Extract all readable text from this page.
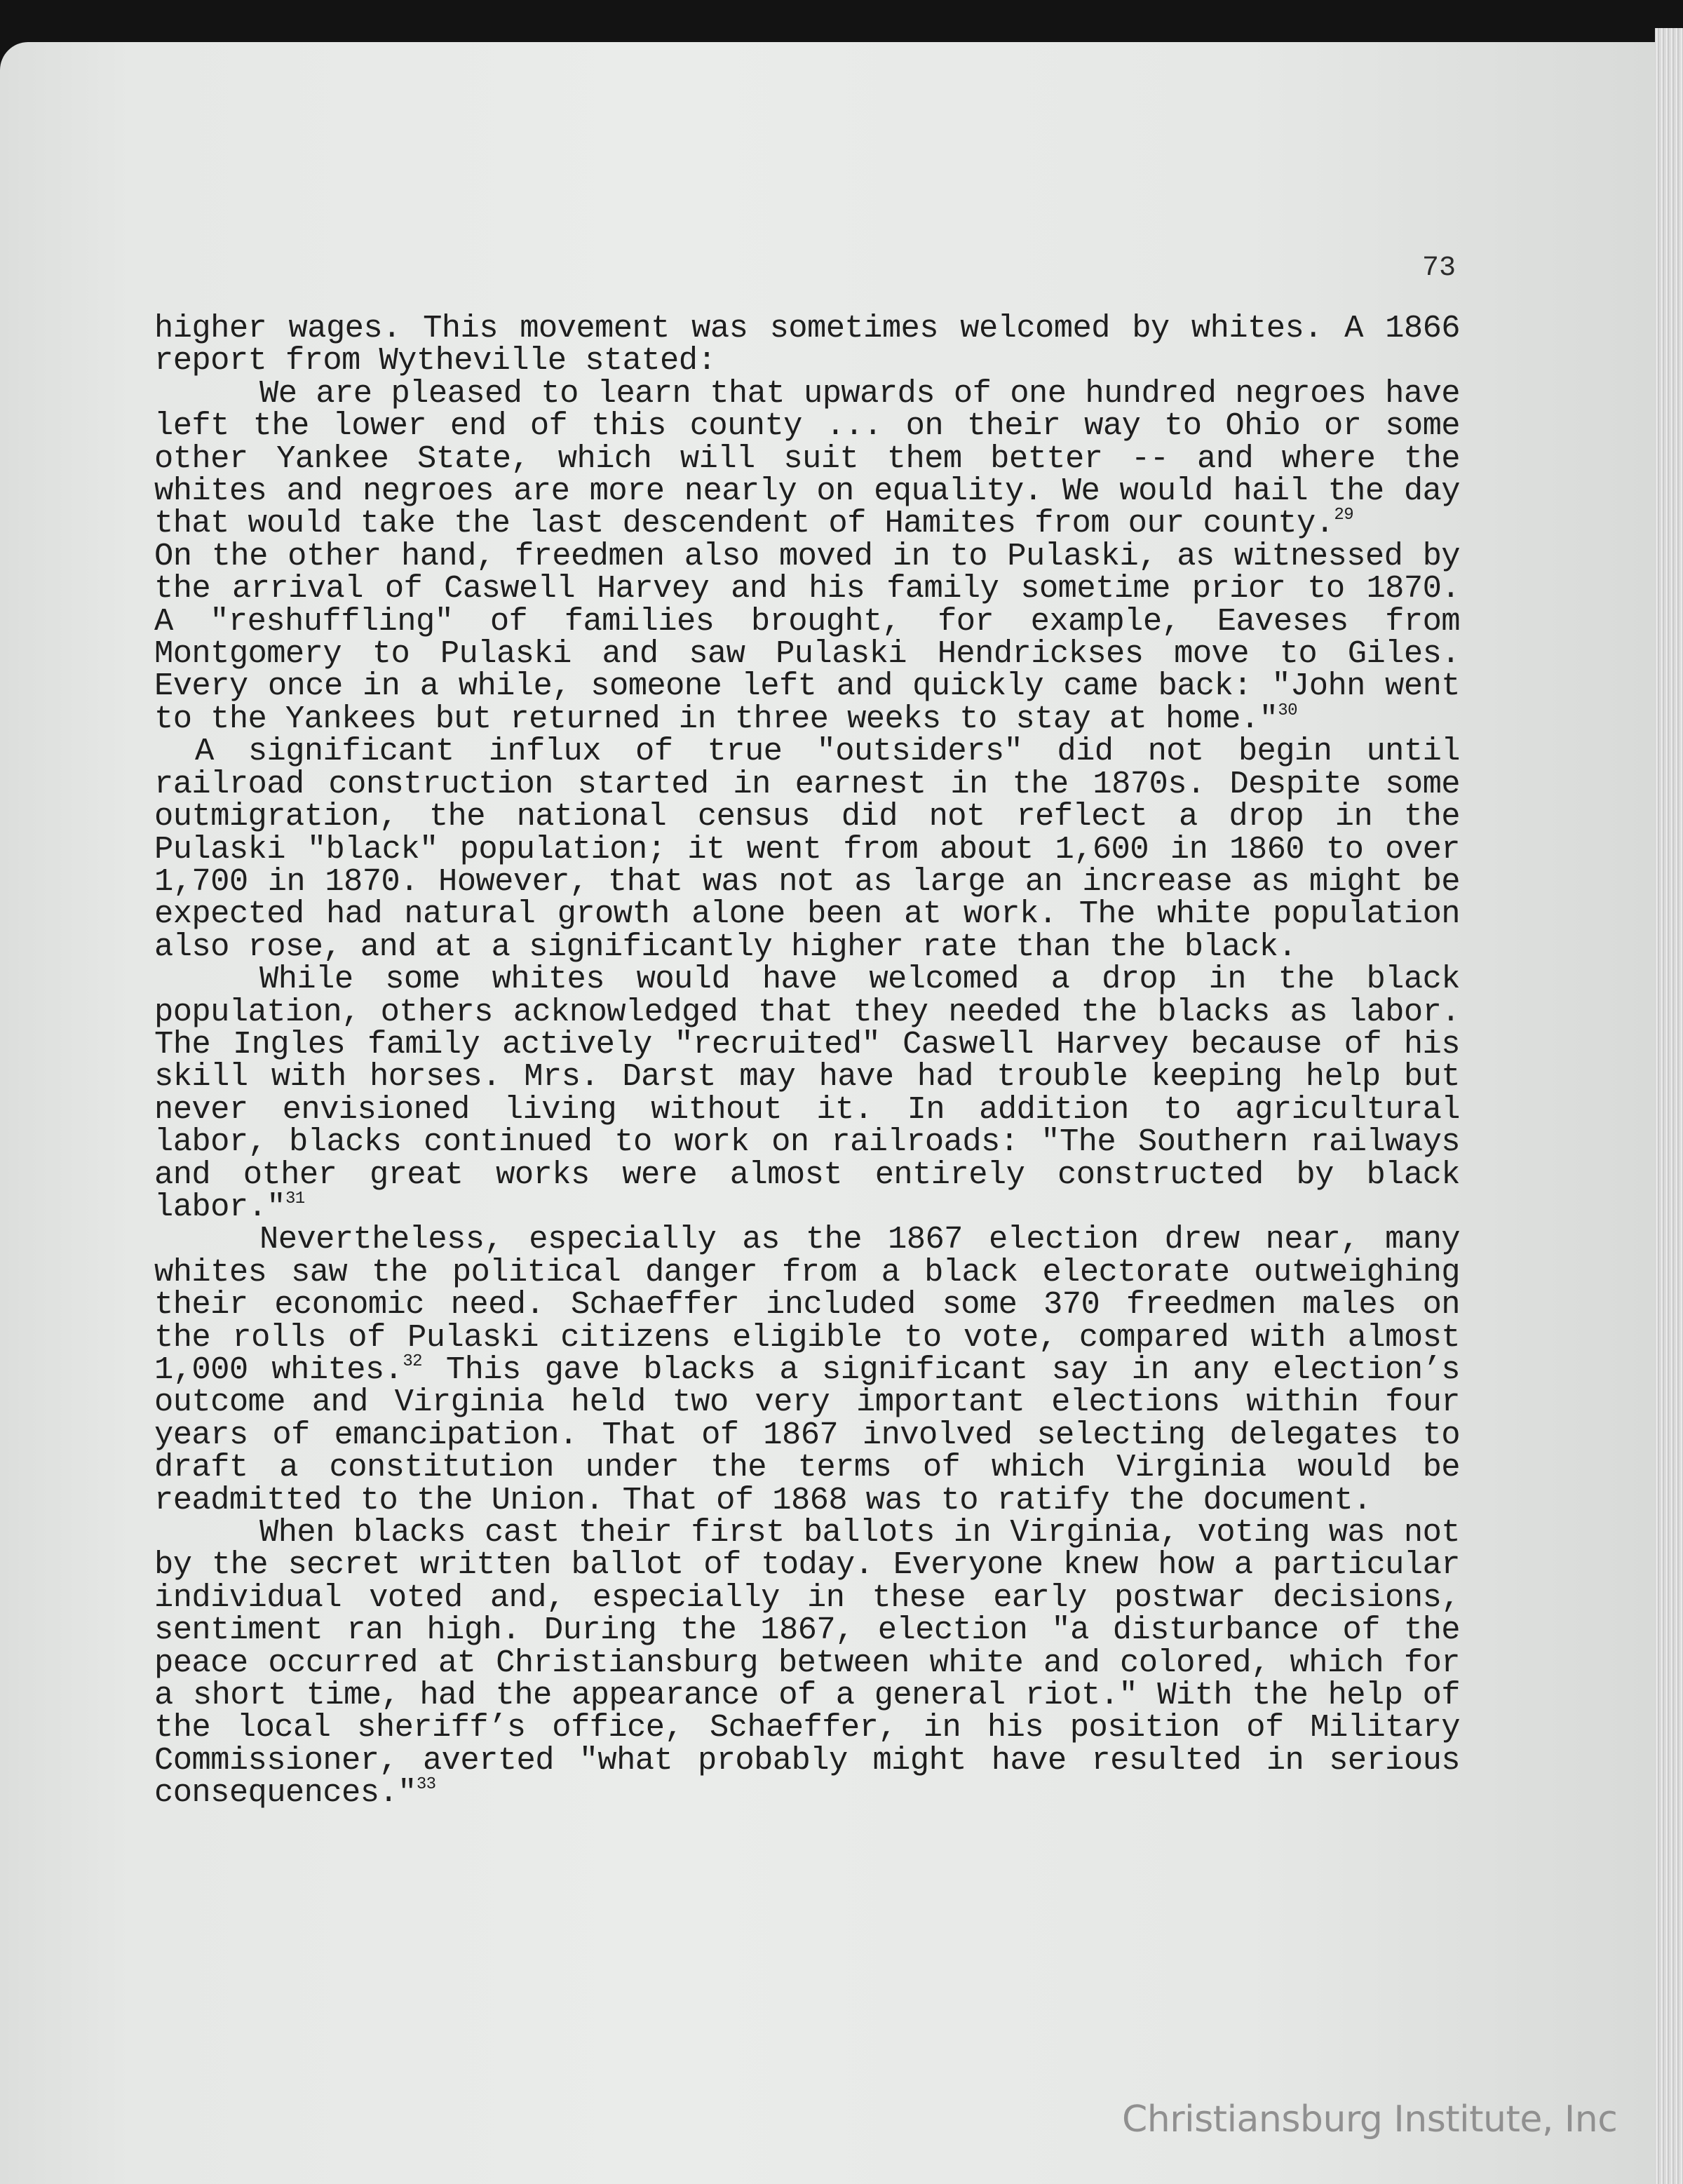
73

higher wages. This movement was sometimes welcomed by whites. A 1866 report from Wytheville stated:

We are pleased to learn that upwards of one hundred negroes have left the lower end of this county ... on their way to Ohio or some other Yankee State, which will suit them better -- and where the whites and negroes are more nearly on equality. We would hail the day that would take the last descendent of Hamites from our county.$^{29}$

On the other hand, freedmen also moved in to Pulaski, as witnessed by the arrival of Caswell Harvey and his family sometime prior to 1870. A "reshuffling" of families brought, for example, Eaveses from Montgomery to Pulaski and saw Pulaski Hendrickses move to Giles. Every once in a while, someone left and quickly came back: "John went to the Yankees but returned in three weeks to stay at home."$^{30}$

A significant influx of true "outsiders" did not begin until railroad construction started in earnest in the 1870s. Despite some outmigration, the national census did not reflect a drop in the Pulaski "black" population; it went from about 1,600 in 1860 to over 1,700 in 1870. However, that was not as large an increase as might be expected had natural growth alone been at work. The white population also rose, and at a significantly higher rate than the black.

While some whites would have welcomed a drop in the black population, others acknowledged that they needed the blacks as labor. The Ingles family actively "recruited" Caswell Harvey because of his skill with horses. Mrs. Darst may have had trouble keeping help but never envisioned living without it. In addition to agricultural labor, blacks continued to work on railroads: "The Southern railways and other great works were almost entirely constructed by black labor."$^{31}$

Nevertheless, especially as the 1867 election drew near, many whites saw the political danger from a black electorate outweighing their economic need. Schaeffer included some 370 freedmen males on the rolls of Pulaski citizens eligible to vote, compared with almost 1,000 whites.$^{32}$ This gave blacks a significant say in any election’s outcome and Virginia held two very important elections within four years of emancipation. That of 1867 involved selecting delegates to draft a constitution under the terms of which Virginia would be readmitted to the Union. That of 1868 was to ratify the document.

When blacks cast their first ballots in Virginia, voting was not by the secret written ballot of today. Everyone knew how a particular individual voted and, especially in these early postwar decisions, sentiment ran high. During the 1867, election "a disturbance of the peace occurred at Christiansburg between white and colored, which for a short time, had the appearance of a general riot." With the help of the local sheriff’s office, Schaeffer, in his position of Military Commissioner, averted "what probably might have resulted in serious consequences."$^{33}$

Christiansburg Institute, Inc
